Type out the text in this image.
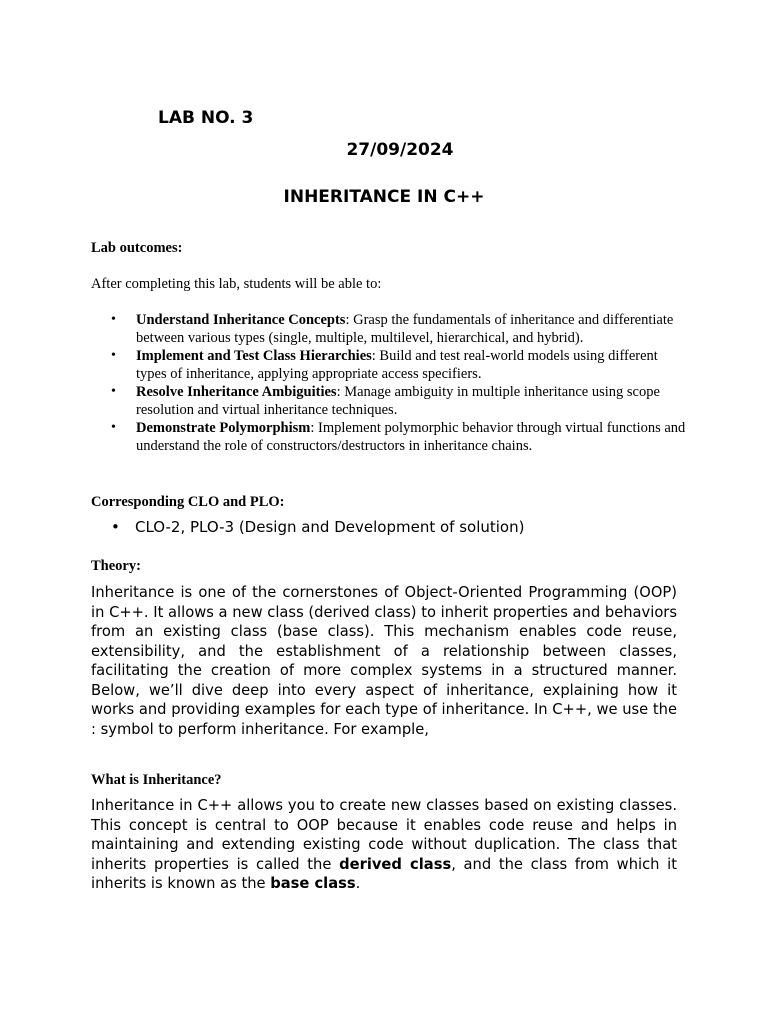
LAB NO. 3
27/09/2024
INHERITANCE IN C++
Lab outcomes:
After completing this lab, students will be able to:
• Understand Inheritance Concepts: Grasp the fundamentals of inheritance and differentiate between various types (single, multiple, multilevel, hierarchical, and hybrid).
• Implement and Test Class Hierarchies: Build and test real-world models using different types of inheritance, applying appropriate access specifiers.
• Resolve Inheritance Ambiguities: Manage ambiguity in multiple inheritance using scope resolution and virtual inheritance techniques.
• Demonstrate Polymorphism: Implement polymorphic behavior through virtual functions and understand the role of constructors/destructors in inheritance chains.
Corresponding CLO and PLO:
• CLO-2, PLO-3 (Design and Development of solution)
Theory:

Inheritance is one of the cornerstones of Object-Oriented Programming (OOP) in C++. It allows a new class (derived class) to inherit properties and behaviors from an existing class (base class). This mechanism enables code reuse, extensibility, and the establishment of a relationship between classes, facilitating the creation of more complex systems in a structured manner. Below, we’ll dive deep into every aspect of inheritance, explaining how it works and providing examples for each type of inheritance. In C++, we use the : symbol to perform inheritance. For example,

What is Inheritance?

Inheritance in C++ allows you to create new classes based on existing classes. This concept is central to OOP because it enables code reuse and helps in maintaining and extending existing code without duplication. The class that inherits properties is called the derived class, and the class from which it inherits is known as the base class.
